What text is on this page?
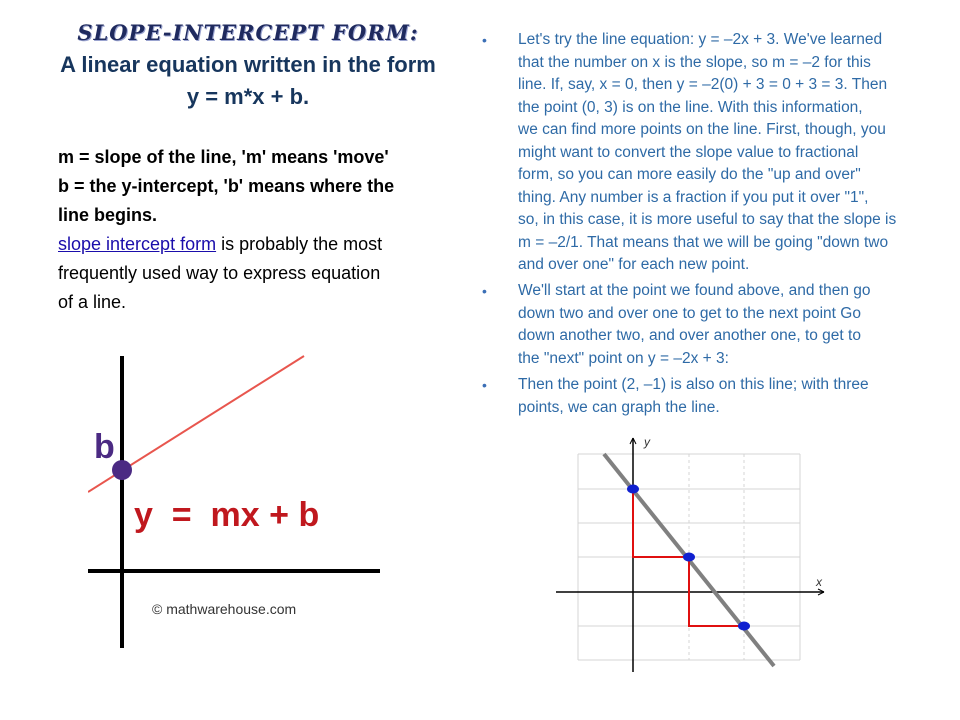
SLOPE-INTERCEPT FORM:
A linear equation written in the form
y = m*x + b.
m = slope of the line, 'm' means 'move'
b = the y-intercept, 'b' means where the
line begins.
slope intercept form is probably the most
frequently used way to express equation
of a line.
b
y  =  mx + b
© mathwarehouse.com
• Let's try the line equation: y = –2x + 3. We've learned
that the number on x is the slope, so m = –2 for this
line. If, say, x = 0, then y = –2(0) + 3 = 0 + 3 = 3. Then
the point (0, 3) is on the line. With this information,
we can find more points on the line. First, though, you
might want to convert the slope value to fractional
form, so you can more easily do the "up and over"
thing. Any number is a fraction if you put it over "1",
so, in this case, it is more useful to say that the slope is
m = –2/1. That means that we will be going "down two
and over one" for each new point.
• We'll start at the point we found above, and then go
down two and over one to get to the next point Go
down another two, and over another one, to get to
the "next" point on y = –2x + 3:
• Then the point (2, –1) is also on this line; with three
points, we can graph the line.
y
x
